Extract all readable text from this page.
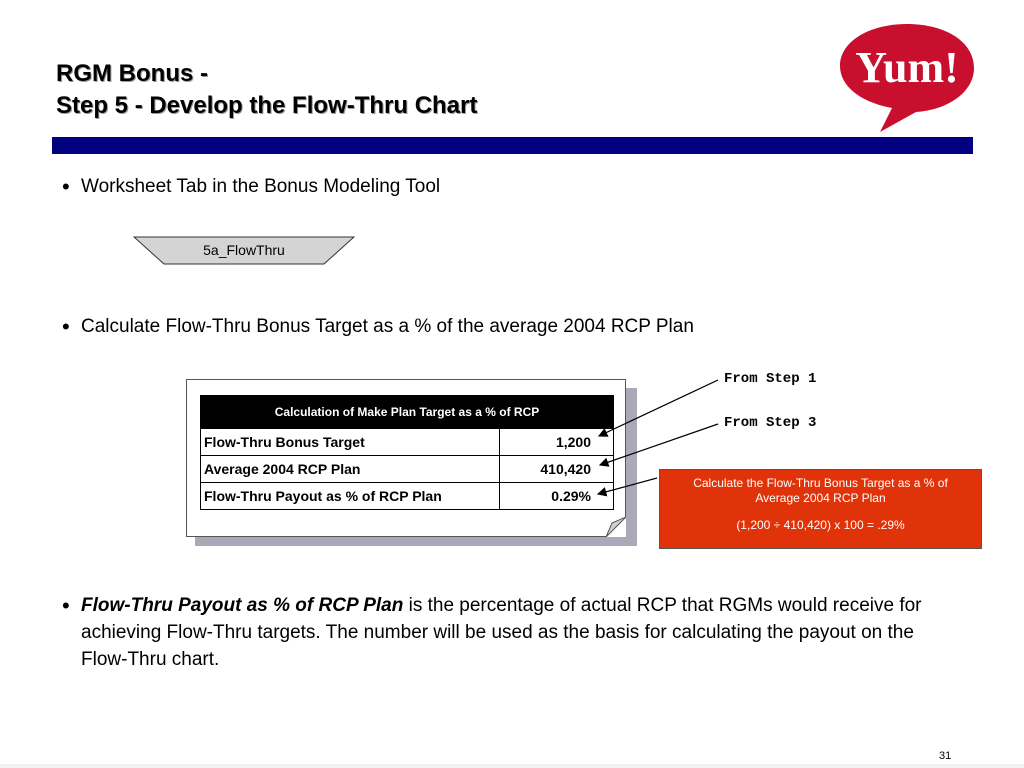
RGM Bonus -
Step 5 - Develop the Flow-Thru Chart
Yum!
• Worksheet Tab in the Bonus Modeling Tool
5a_FlowThru
• Calculate Flow-Thru Bonus Target as a % of the average 2004 RCP Plan
Calculation of Make Plan Target as a % of RCP	
Flow-Thru Bonus Target	1,200
Average 2004 RCP Plan	410,420
Flow-Thru Payout as % of RCP Plan	0.29%
From Step 1
From Step 3
Calculate the Flow-Thru Bonus Target as a % of Average 2004 RCP Plan
(1,200 ÷ 410,420) x 100 = .29%
• Flow-Thru Payout as % of RCP Plan is the percentage of actual RCP that RGMs would receive for achieving Flow-Thru targets. The number will be used as the basis for calculating the payout on the Flow-Thru chart.
31
